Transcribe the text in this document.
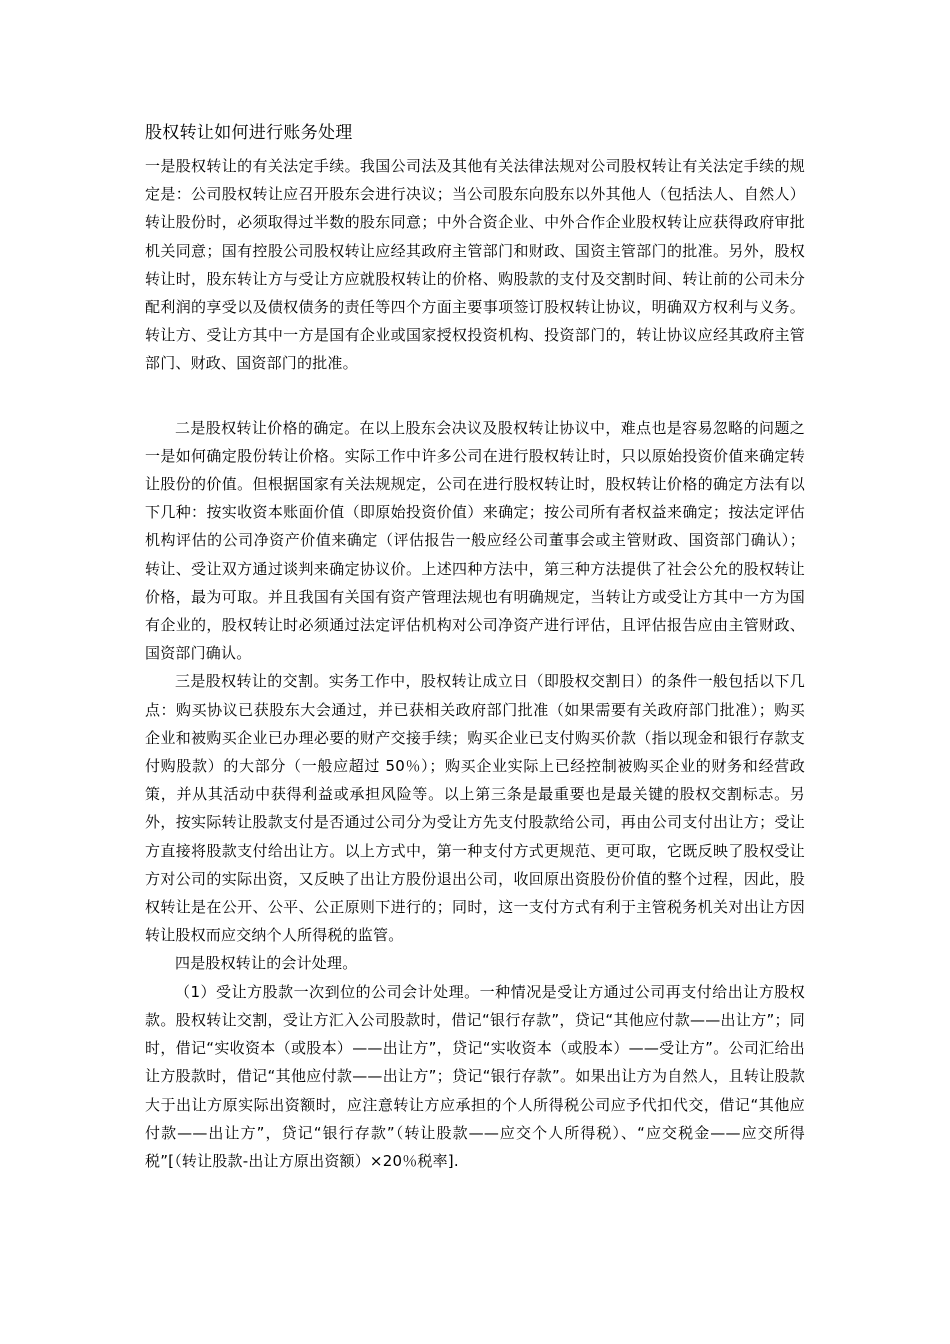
股权转让如何进行账务处理

一是股权转让的有关法定手续。我国公司法及其他有关法律法规对公司股权转让有关法定手续的规定是：公司股权转让应召开股东会进行决议；当公司股东向股东以外其他人（包括法人、自然人）转让股份时，必须取得过半数的股东同意；中外合资企业、中外合作企业股权转让应获得政府审批机关同意；国有控股公司股权转让应经其政府主管部门和财政、国资主管部门的批准。另外，股权转让时，股东转让方与受让方应就股权转让的价格、购股款的支付及交割时间、转让前的公司未分配利润的享受以及债权债务的责任等四个方面主要事项签订股权转让协议，明确双方权利与义务。转让方、受让方其中一方是国有企业或国家授权投资机构、投资部门的，转让协议应经其政府主管部门、财政、国资部门的批准。

二是股权转让价格的确定。在以上股东会决议及股权转让协议中，难点也是容易忽略的问题之一是如何确定股份转让价格。实际工作中许多公司在进行股权转让时，只以原始投资价值来确定转让股份的价值。但根据国家有关法规规定，公司在进行股权转让时，股权转让价格的确定方法有以下几种：按实收资本账面价值（即原始投资价值）来确定；按公司所有者权益来确定；按法定评估机构评估的公司净资产价值来确定（评估报告一般应经公司董事会或主管财政、国资部门确认）；转让、受让双方通过谈判来确定协议价。上述四种方法中，第三种方法提供了社会公允的股权转让价格，最为可取。并且我国有关国有资产管理法规也有明确规定，当转让方或受让方其中一方为国有企业的，股权转让时必须通过法定评估机构对公司净资产进行评估，且评估报告应由主管财政、国资部门确认。

三是股权转让的交割。实务工作中，股权转让成立日（即股权交割日）的条件一般包括以下几点：购买协议已获股东大会通过，并已获相关政府部门批准（如果需要有关政府部门批准）；购买企业和被购买企业已办理必要的财产交接手续；购买企业已支付购买价款（指以现金和银行存款支付购股款）的大部分（一般应超过 50％）；购买企业实际上已经控制被购买企业的财务和经营政策，并从其活动中获得利益或承担风险等。以上第三条是最重要也是最关键的股权交割标志。另外，按实际转让股款支付是否通过公司分为受让方先支付股款给公司，再由公司支付出让方；受让方直接将股款支付给出让方。以上方式中，第一种支付方式更规范、更可取，它既反映了股权受让方对公司的实际出资，又反映了出让方股份退出公司，收回原出资股份价值的整个过程，因此，股权转让是在公开、公平、公正原则下进行的；同时，这一支付方式有利于主管税务机关对出让方因转让股权而应交纳个人所得税的监管。

四是股权转让的会计处理。

（1）受让方股款一次到位的公司会计处理。一种情况是受让方通过公司再支付给出让方股权款。股权转让交割，受让方汇入公司股款时，借记“银行存款”，贷记“其他应付款——出让方”；同时，借记“实收资本（或股本）——出让方”，贷记“实收资本（或股本）——受让方”。公司汇给出让方股款时，借记“其他应付款——出让方”；贷记“银行存款”。如果出让方为自然人，且转让股款大于出让方原实际出资额时，应注意转让方应承担的个人所得税公司应予代扣代交，借记“其他应付款——出让方”，贷记“银行存款”（转让股款——应交个人所得税）、“应交税金——应交所得税”[（转让股款-出让方原出资额）×20％税率].
